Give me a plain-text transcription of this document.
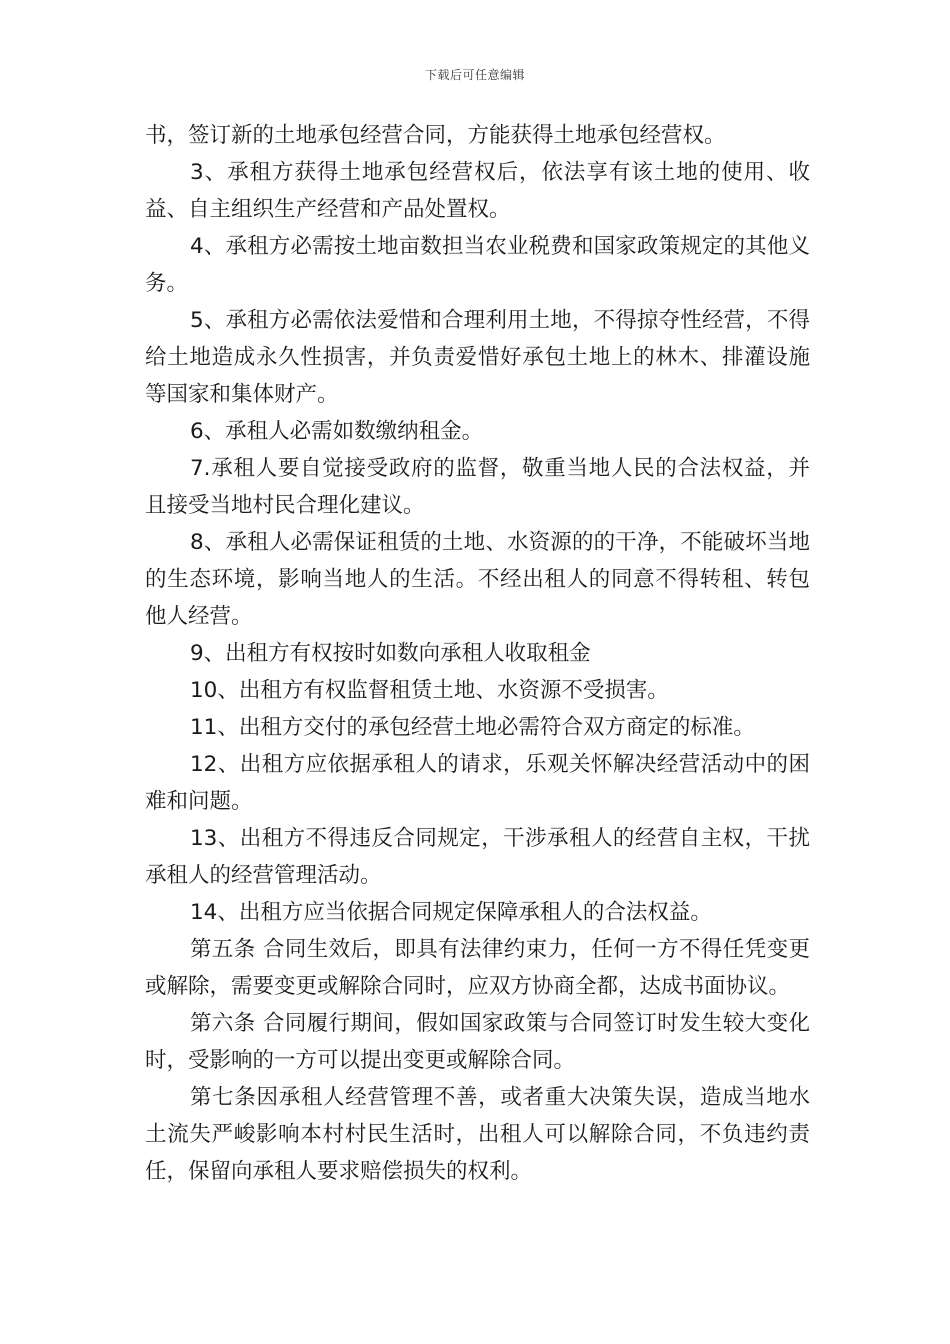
下载后可任意编辑

书，签订新的土地承包经营合同，方能获得土地承包经营权。

3、承租方获得土地承包经营权后，依法享有该土地的使用、收益、自主组织生产经营和产品处置权。

4、承租方必需按土地亩数担当农业税费和国家政策规定的其他义务。

5、承租方必需依法爱惜和合理利用土地，不得掠夺性经营，不得给土地造成永久性损害，并负责爱惜好承包土地上的林木、排灌设施等国家和集体财产。

6、承租人必需如数缴纳租金。

7.承租人要自觉接受政府的监督，敬重当地人民的合法权益，并且接受当地村民合理化建议。

8、承租人必需保证租赁的土地、水资源的的干净，不能破坏当地的生态环境，影响当地人的生活。不经出租人的同意不得转租、转包他人经营。

9、出租方有权按时如数向承租人收取租金

10、出租方有权监督租赁土地、水资源不受损害。

11、出租方交付的承包经营土地必需符合双方商定的标准。

12、出租方应依据承租人的请求，乐观关怀解决经营活动中的困难和问题。

13、出租方不得违反合同规定，干涉承租人的经营自主权，干扰承租人的经营管理活动。

14、出租方应当依据合同规定保障承租人的合法权益。

第五条 合同生效后，即具有法律约束力，任何一方不得任凭变更或解除，需要变更或解除合同时，应双方协商全都，达成书面协议。

第六条 合同履行期间，假如国家政策与合同签订时发生较大变化时，受影响的一方可以提出变更或解除合同。

第七条因承租人经营管理不善，或者重大决策失误，造成当地水土流失严峻影响本村村民生活时，出租人可以解除合同，不负违约责任，保留向承租人要求赔偿损失的权利。
